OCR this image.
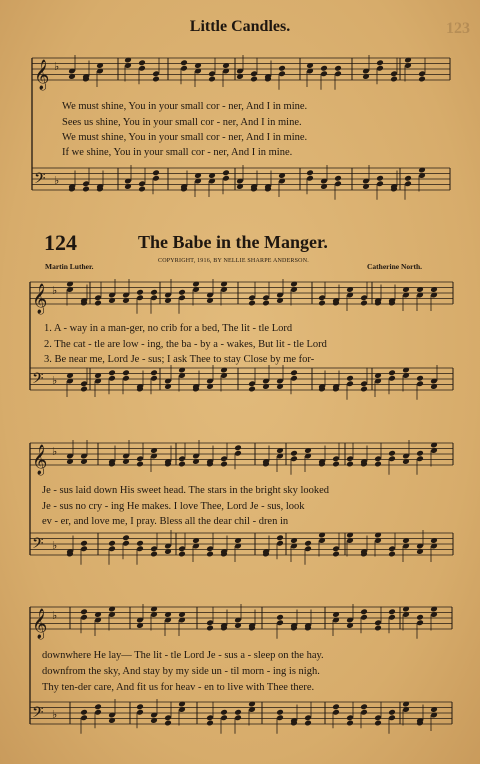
𝄞 ♭
𝄢 ♭
𝄞 ♭
𝄢 ♭
𝄞 ♭
𝄢 ♭
𝄞 ♭
𝄢 ♭
Little Candles.	123
We must shine, You in your small cor - ner, And I in mine.
Sees us shine, You in your small cor - ner, And I in mine.
We must shine, You in your small cor - ner, And I in mine.
If we shine, You in your small cor - ner, And I in mine.
124	The Babe in the Manger.
Martin Luther.
COPYRIGHT, 1916, BY NELLIE SHARPE ANDERSON.
Catherine North.
1. A - way in a man-ger, no crib for a bed, The lit - tle Lord
2. The cat - tle are low - ing, the ba - by a - wakes, But lit - tle Lord
3. Be near me, Lord Je - sus; I ask Thee to stay Close by me for-
Je - sus laid down His sweet head. The stars in the bright sky looked
Je - sus no cry - ing He makes. I love Thee, Lord Je - sus, look
ev - er, and love me, I pray. Bless all the dear chil - dren in
downwhere He lay— The lit - tle Lord Je - sus a - sleep on the hay.
downfrom the sky, And stay by my side un - til morn - ing is nigh.
Thy ten-der care, And fit us for heav - en to live with Thee there.
